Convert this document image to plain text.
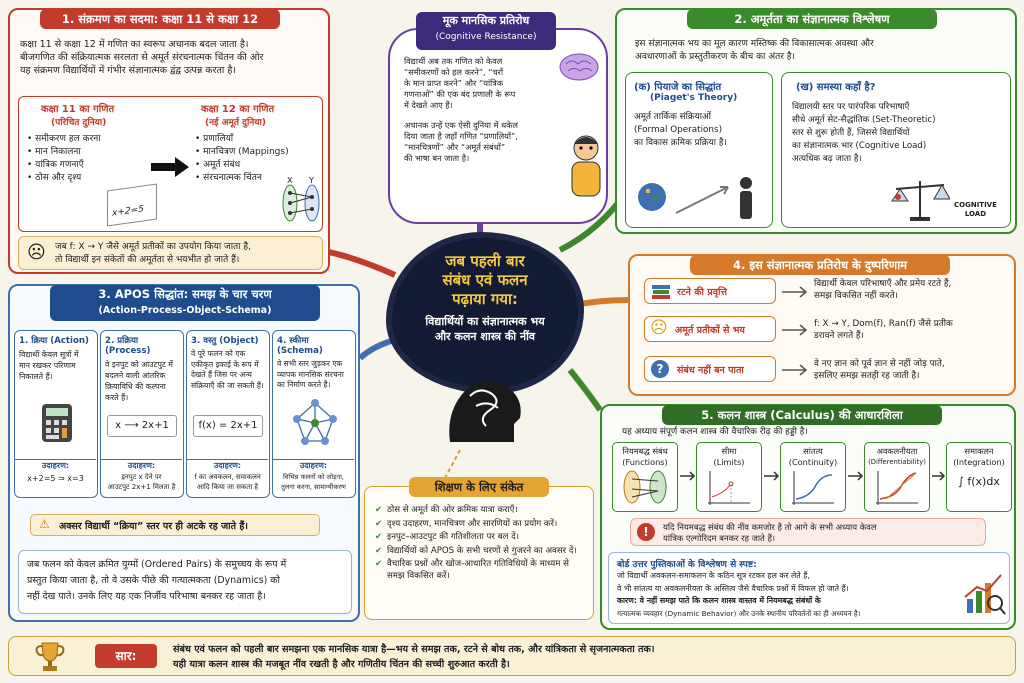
1. संक्रमण का सदमा: कक्षा 11 से कक्षा 12
कक्षा 11 से कक्षा 12 में गणित का स्वरूप अचानक बदल जाता है।
बीजगणित की संक्रियात्मक सरलता से अमूर्त संरचनात्मक चिंतन की ओर
यह संक्रमण विद्यार्थियों में गंभीर संज्ञानात्मक द्वंद्व उत्पन्न करता है।
कक्षा 11 का गणित
(परिचित दुनिया)
• समीकरण हल करना
• मान निकालना
• यांत्रिक गणनाएँ
• ठोस और दृश्य
x+2=5
कक्षा 12 का गणित
(नई अमूर्त दुनिया)
• प्रणालियाँ
• मानचित्रण (Mappings)
• अमूर्त संबंध
• संरचनात्मक चिंतन	X Y
☹ जब f: X → Y जैसे अमूर्त प्रतीकों का उपयोग किया जाता है,
तो विद्यार्थी इन संकेतों की अमूर्तता से भयभीत हो जाते हैं।
मूक मानसिक प्रतिरोध
(Cognitive Resistance)
विद्यार्थी अब तक गणित को केवल
“समीकरणों को हल करने”, “चरों
के मान प्राप्त करने” और “यांत्रिक
गणनाओं” की एक बंद प्रणाली के रूप
में देखते आए हैं।
अचानक उन्हें एक ऐसी दुनिया में धकेल
दिया जाता है जहाँ गणित “प्रणालियों”,
“मानचित्रणों” और “अमूर्त संबंधों”
की भाषा बन जाता है।
2. अमूर्तता का संज्ञानात्मक विश्लेषण
इस संज्ञानात्मक भय का मूल कारण मस्तिष्क की विकासात्मक अवस्था और
अवधारणाओं के प्रस्तुतीकरण के बीच का अंतर है।
(क) पियाजे का सिद्धांत
(Piaget's Theory)
अमूर्त तार्किक संक्रियाओं
(Formal Operations)
का विकास क्रमिक प्रक्रिया है।
(ख) समस्या कहाँ है?
विद्यालयी स्तर पर पारंपरिक परिभाषाएँ
सीधे अमूर्त सेट-सैद्धांतिक (Set-Theoretic)
स्तर से शुरू होती हैं, जिससे विद्यार्थियों
का संज्ञानात्मक भार (Cognitive Load)
अत्यधिक बढ़ जाता है।
COGNITIVE
LOAD
जब पहली बार
संबंध एवं फलन
पढ़ाया गया:
विद्यार्थियों का संज्ञानात्मक भय
और कलन शास्त्र की नींव
3. APOS सिद्धांत: समझ के चार चरण
(Action-Process-Object-Schema)
1. क्रिया (Action)
विद्यार्थी केवल सूत्रों में
मान रखकर परिणाम
निकालते हैं।
उदाहरण:
x+2=5 ⇒ x=3
2. प्रक्रिया (Process)
वे इनपुट को आउटपुट में
बदलने वाली आंतरिक
क्रियाविधि की कल्पना
करते हैं।
x ⟶ 2x+1
उदाहरण:
इनपुट x देने पर
आउटपुट 2x+1 मिलता है
3. वस्तु (Object)
वे पूरे फलन को एक
एकीकृत इकाई के रूप में
देखते हैं जिस पर अन्य
संक्रियाएँ की जा सकती हैं।
f(x) = 2x+1
उदाहरण:
f का अवकलन, समाकलन
आदि किया जा सकता है
4. स्कीमा (Schema)
वे सभी स्तर जुड़कर एक
व्यापक मानसिक संरचना
का निर्माण करते हैं।
उदाहरण:
विभिन्न फलनों को जोड़ना,
तुलना करना, सामान्यीकरण
⚠ अक्सर विद्यार्थी “क्रिया” स्तर पर ही अटके रह जाते हैं।
जब फलन को केवल क्रमित युग्मों (Ordered Pairs) के समुच्चय के रूप में
प्रस्तुत किया जाता है, तो वे उसके पीछे की गत्यात्मकता (Dynamics) को
नहीं देख पाते। उनके लिए यह एक निर्जीव परिभाषा बनकर रह जाता है।
4. इस संज्ञानात्मक प्रतिरोध के दुष्परिणाम
रटने की प्रवृत्ति
विद्यार्थी केवल परिभाषाएँ और प्रमेय रटते हैं,
समझ विकसित नहीं करते।
☹ अमूर्त प्रतीकों से भय
f: X → Y, Dom(f), Ran(f) जैसे प्रतीक
डरावने लगते हैं।
?	संबंध नहीं बन पाता
वे नए ज्ञान को पूर्व ज्ञान से नहीं जोड़ पाते,
इसलिए समझ सतही रह जाती है।
5. कलन शास्त्र (Calculus) की आधारशिला
यह अध्याय संपूर्ण कलन शास्त्र की वैचारिक रीढ़ की हड्डी है।
नियमबद्ध संबंध
(Functions)
सीमा
(Limits)
सांतत्य
(Continuity)
अवकलनीयता
(Differentiability)
समाकलन
(Integration)
∫ f(x)dx
!	यदि नियमबद्ध संबंध की नींव कमजोर है तो आगे के सभी अध्याय केवल
यांत्रिक एल्गोरिदम बनकर रह जाते हैं।
बोर्ड उत्तर पुस्तिकाओं के विश्लेषण से स्पष्ट:
जो विद्यार्थी अवकलन-समाकलन के कठिन सूत्र रटकर हल कर लेते हैं,
वे भी सांतत्य या अवकलनीयता के अस्तित्व जैसे वैचारिक प्रश्नों में विफल हो जाते हैं।
कारण: वे नहीं समझ पाते कि कलन शास्त्र वास्तव में नियमबद्ध संबंधों के
गत्यात्मक व्यवहार (Dynamic Behavior) और उनके स्थानीय परिवर्तनों का ही अध्ययन है।
शिक्षण के लिए संकेत
✔ ठोस से अमूर्त की ओर क्रमिक यात्रा कराएँ।
✔ दृश्य उदाहरण, मानचित्रण और सारणियों का प्रयोग करें।
✔ इनपुट–आउटपुट की गतिशीलता पर बल दें।
✔ विद्यार्थियों को APOS के सभी चरणों से गुजरने का अवसर दें।
✔ वैचारिक प्रश्नों और खोज-आधारित गतिविधियों के माध्यम से समझ विकसित करें।
सार:	संबंध एवं फलन को पहली बार समझना एक मानसिक यात्रा है—भय से समझ तक, रटने से बोध तक, और यांत्रिकता से सृजनात्मकता तक।
यही यात्रा कलन शास्त्र की मजबूत नींव रखती है और गणितीय चिंतन की सच्ची शुरुआत करती है।
